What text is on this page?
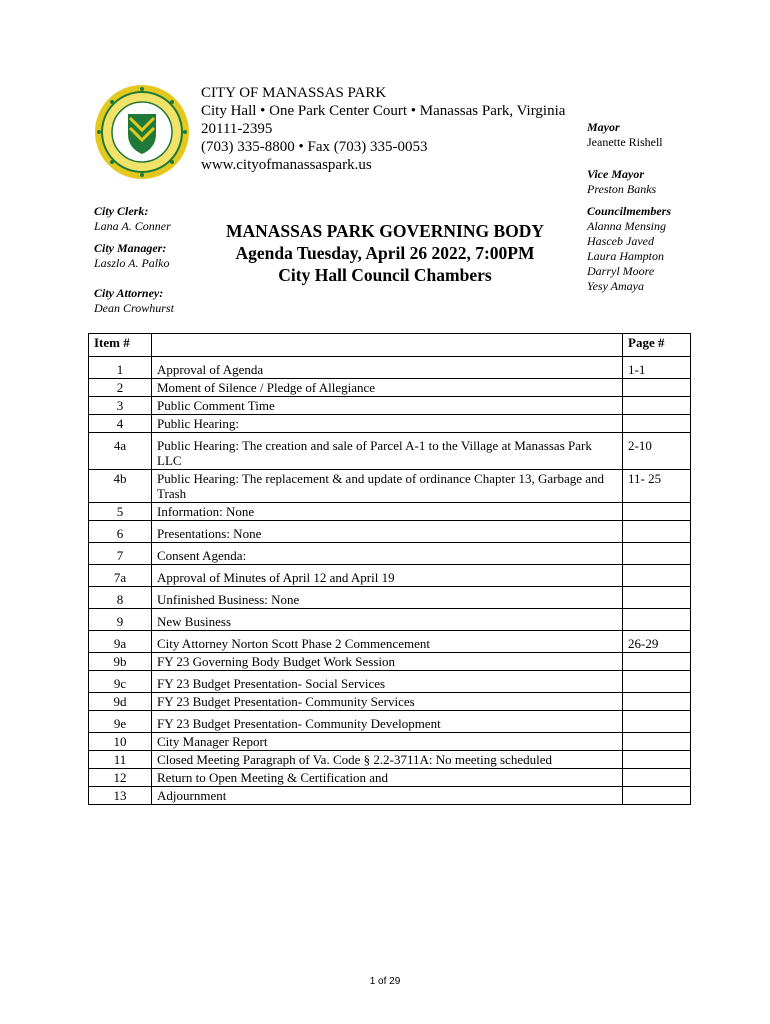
CITY OF MANASSAS PARK
City Hall • One Park Center Court • Manassas Park, Virginia
20111-2395
(703) 335-8800 • Fax (703) 335-0053
www.cityofmanassaspark.us
MANASSAS PARK GOVERNING BODY
Agenda Tuesday, April 26 2022, 7:00PM
City Hall Council Chambers
City Clerk:
Lana A. Conner
City Manager:
Laszlo A. Palko
City Attorney:
Dean Crowhurst
Mayor
Jeanette Rishell
Vice Mayor
Preston Banks
Councilmembers
Alanna Mensing
Hasceb Javed
Laura Hampton
Darryl Moore
Yesy Amaya
Item #		Page #
1	Approval of Agenda	1-1
2	Moment of Silence / Pledge of Allegiance	
3	Public Comment Time	
4	Public Hearing:	
4a	Public Hearing: The creation and sale of Parcel A-1 to the Village at Manassas Park LLC	2-10
4b	Public Hearing: The replacement & and update of ordinance Chapter 13, Garbage and Trash	11- 25
5	Information: None	
6	Presentations: None	
7	Consent Agenda:	
7a	Approval of Minutes of April 12 and April 19	
8	Unfinished Business: None	
9	New Business	
9a	City Attorney Norton Scott Phase 2 Commencement	26-29
9b	FY 23 Governing Body Budget Work Session	
9c	FY 23 Budget Presentation- Social Services	
9d	FY 23 Budget Presentation- Community Services	
9e	FY 23 Budget Presentation- Community Development	
10	City Manager Report	
11	Closed Meeting Paragraph of Va. Code § 2.2-3711A: No meeting scheduled	
12	Return to Open Meeting & Certification and	
13	Adjournment	
1 of 29
